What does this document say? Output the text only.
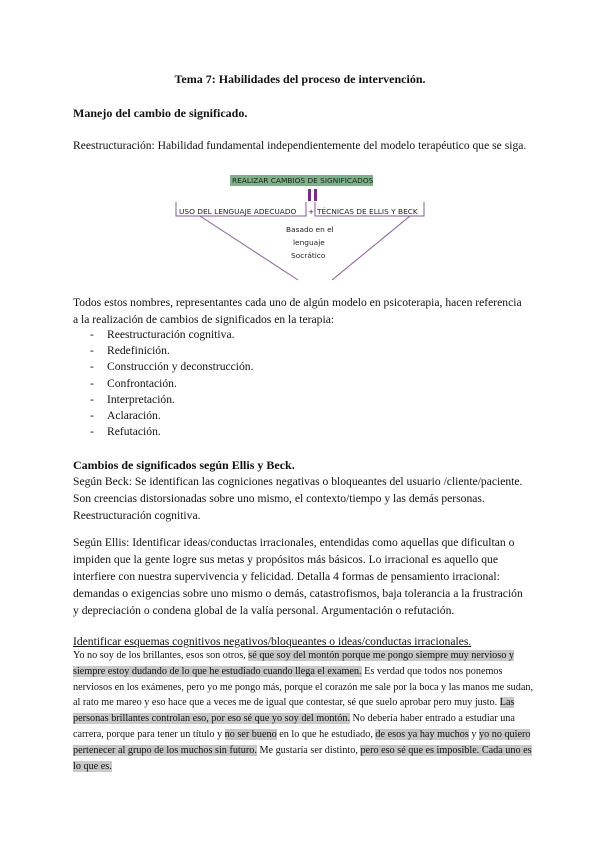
Tema 7: Habilidades del proceso de intervención.
Manejo del cambio de significado.
Reestructuración: Habilidad fundamental independientemente del modelo terapéutico que se siga.
REALIZAR CAMBIOS DE SIGNIFICADOS
USO DEL LENGUAJE ADECUADO + TÉCNICAS DE ELLIS Y BECK
Basado en el
lenguaje
Socrático
Todos estos nombres, representantes cada uno de algún modelo en psicoterapia, hacen referencia a la realización de cambios de significados en la terapia:
-	Reestructuración cognitiva.
-	Redefinición.
-	Construcción y deconstrucción.
-	Confrontación.
-	Interpretación.
-	Aclaración.
-	Refutación.
Cambios de significados según Ellis y Beck.
Según Beck: Se identifican las cogniciones negativas o bloqueantes del usuario /cliente/paciente. Son creencias distorsionadas sobre uno mismo, el contexto/tiempo y las demás personas. Reestructuración cognitiva.
Según Ellis: Identificar ideas/conductas irracionales, entendidas como aquellas que dificultan o impiden que la gente logre sus metas y propósitos más básicos. Lo irracional es aquello que interfiere con nuestra supervivencia y felicidad. Detalla 4 formas de pensamiento irracional: demandas o exigencias sobre uno mismo o demás, catastrofismos, baja tolerancia a la frustración y depreciación o condena global de la valía personal. Argumentación o refutación.
Identificar esquemas cognitivos negativos/bloqueantes o ideas/conductas irracionales.
Yo no soy de los brillantes, esos son otros, sé que soy del montón porque me pongo siempre muy nervioso y siempre estoy dudando de lo que he estudiado cuando llega el examen. Es verdad que todos nos ponemos nerviosos en los exámenes, pero yo me pongo más, porque el corazón me sale por la boca y las manos me sudan, al rato me mareo y eso hace que a veces me de igual que contestar, sé que suelo aprobar pero muy justo. Las personas brillantes controlan eso, por eso sé que yo soy del montón. No debería haber entrado a estudiar una carrera, porque para tener un título y no ser bueno en lo que he estudiado, de esos ya hay muchos y yo no quiero pertenecer al grupo de los muchos sin futuro. Me gustaría ser distinto, pero eso sé que es imposible. Cada uno es lo que es.
